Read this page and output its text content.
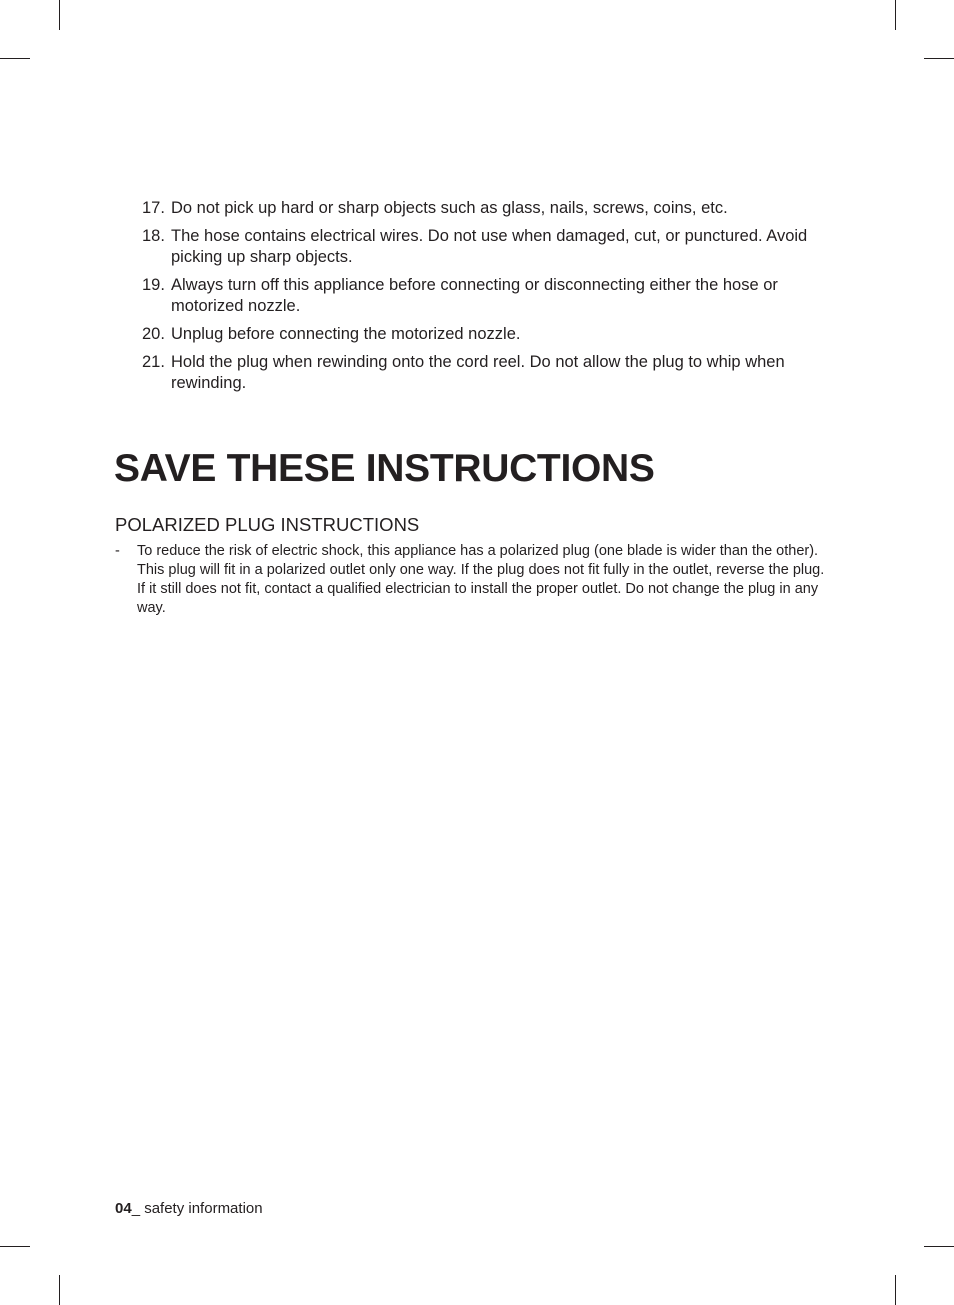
17. Do not pick up hard or sharp objects such as glass, nails, screws, coins, etc.
18. The hose contains electrical wires. Do not use when damaged, cut, or punctured. Avoid picking up sharp objects.
19. Always turn off this appliance before connecting or disconnecting either the hose or motorized nozzle.
20. Unplug before connecting the motorized nozzle.
21. Hold the plug when rewinding onto the cord reel. Do not allow the plug to whip when rewinding.
SAVE THESE INSTRUCTIONS
POLARIZED PLUG INSTRUCTIONS
- To reduce the risk of electric shock, this appliance has a polarized plug (one blade is wider than the other). This plug will fit in a polarized outlet only one way. If the plug does not fit fully in the outlet, reverse the plug. If it still does not fit, contact a qualified electrician to install the proper outlet. Do not change the plug in any way.
04_ safety information
